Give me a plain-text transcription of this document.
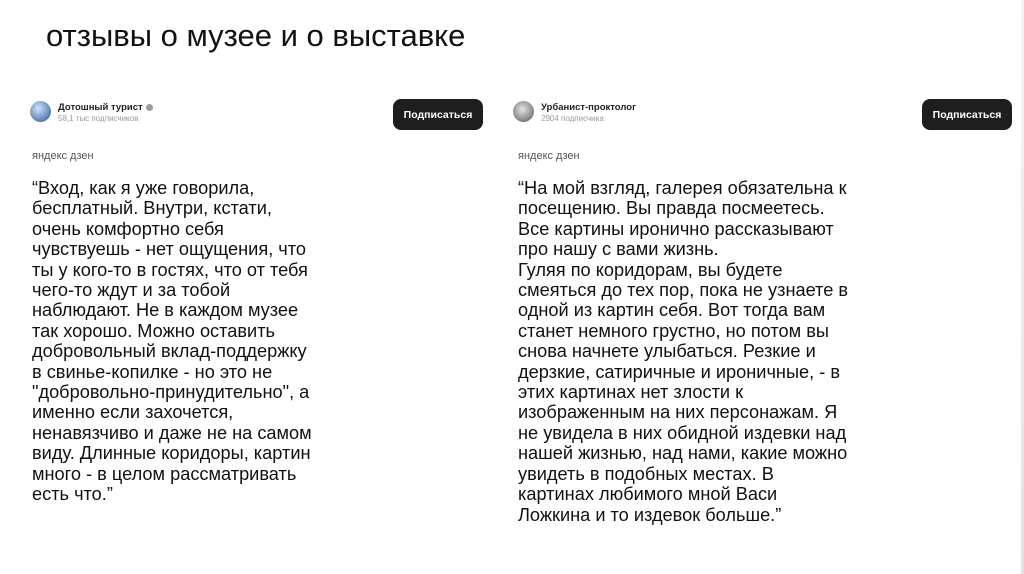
отзывы о музее и о выставке
Дотошный турист
58,1 тыс подписчиков	Подписаться
яндекс дзен

“Вход, как я уже говорила,
бесплатный. Внутри, кстати,
очень комфортно себя
чувствуешь - нет ощущения, что
ты у кого-то в гостях, что от тебя
чего-то ждут и за тобой
наблюдают. Не в каждом музее
так хорошо. Можно оставить
добровольный вклад-поддержку
в свинье-копилке - но это не
"добровольно-принудительно", а
именно если захочется,
ненавязчиво и даже не на самом
виду. Длинные коридоры, картин
много - в целом рассматривать
есть что.”

Урбанист-проктолог
2904 подписчика	Подписаться
яндекс дзен

“На мой взгляд, галерея обязательна к
посещению. Вы правда посмеетесь.
Все картины иронично рассказывают
про нашу с вами жизнь.
Гуляя по коридорам, вы будете
смеяться до тех пор, пока не узнаете в
одной из картин себя. Вот тогда вам
станет немного грустно, но потом вы
снова начнете улыбаться. Резкие и
дерзкие, сатиричные и ироничные, - в
этих картинах нет злости к
изображенным на них персонажам. Я
не увидела в них обидной издевки над
нашей жизнью, над нами, какие можно
увидеть в подобных местах. В
картинах любимого мной Васи
Ложкина и то издевок больше.”
